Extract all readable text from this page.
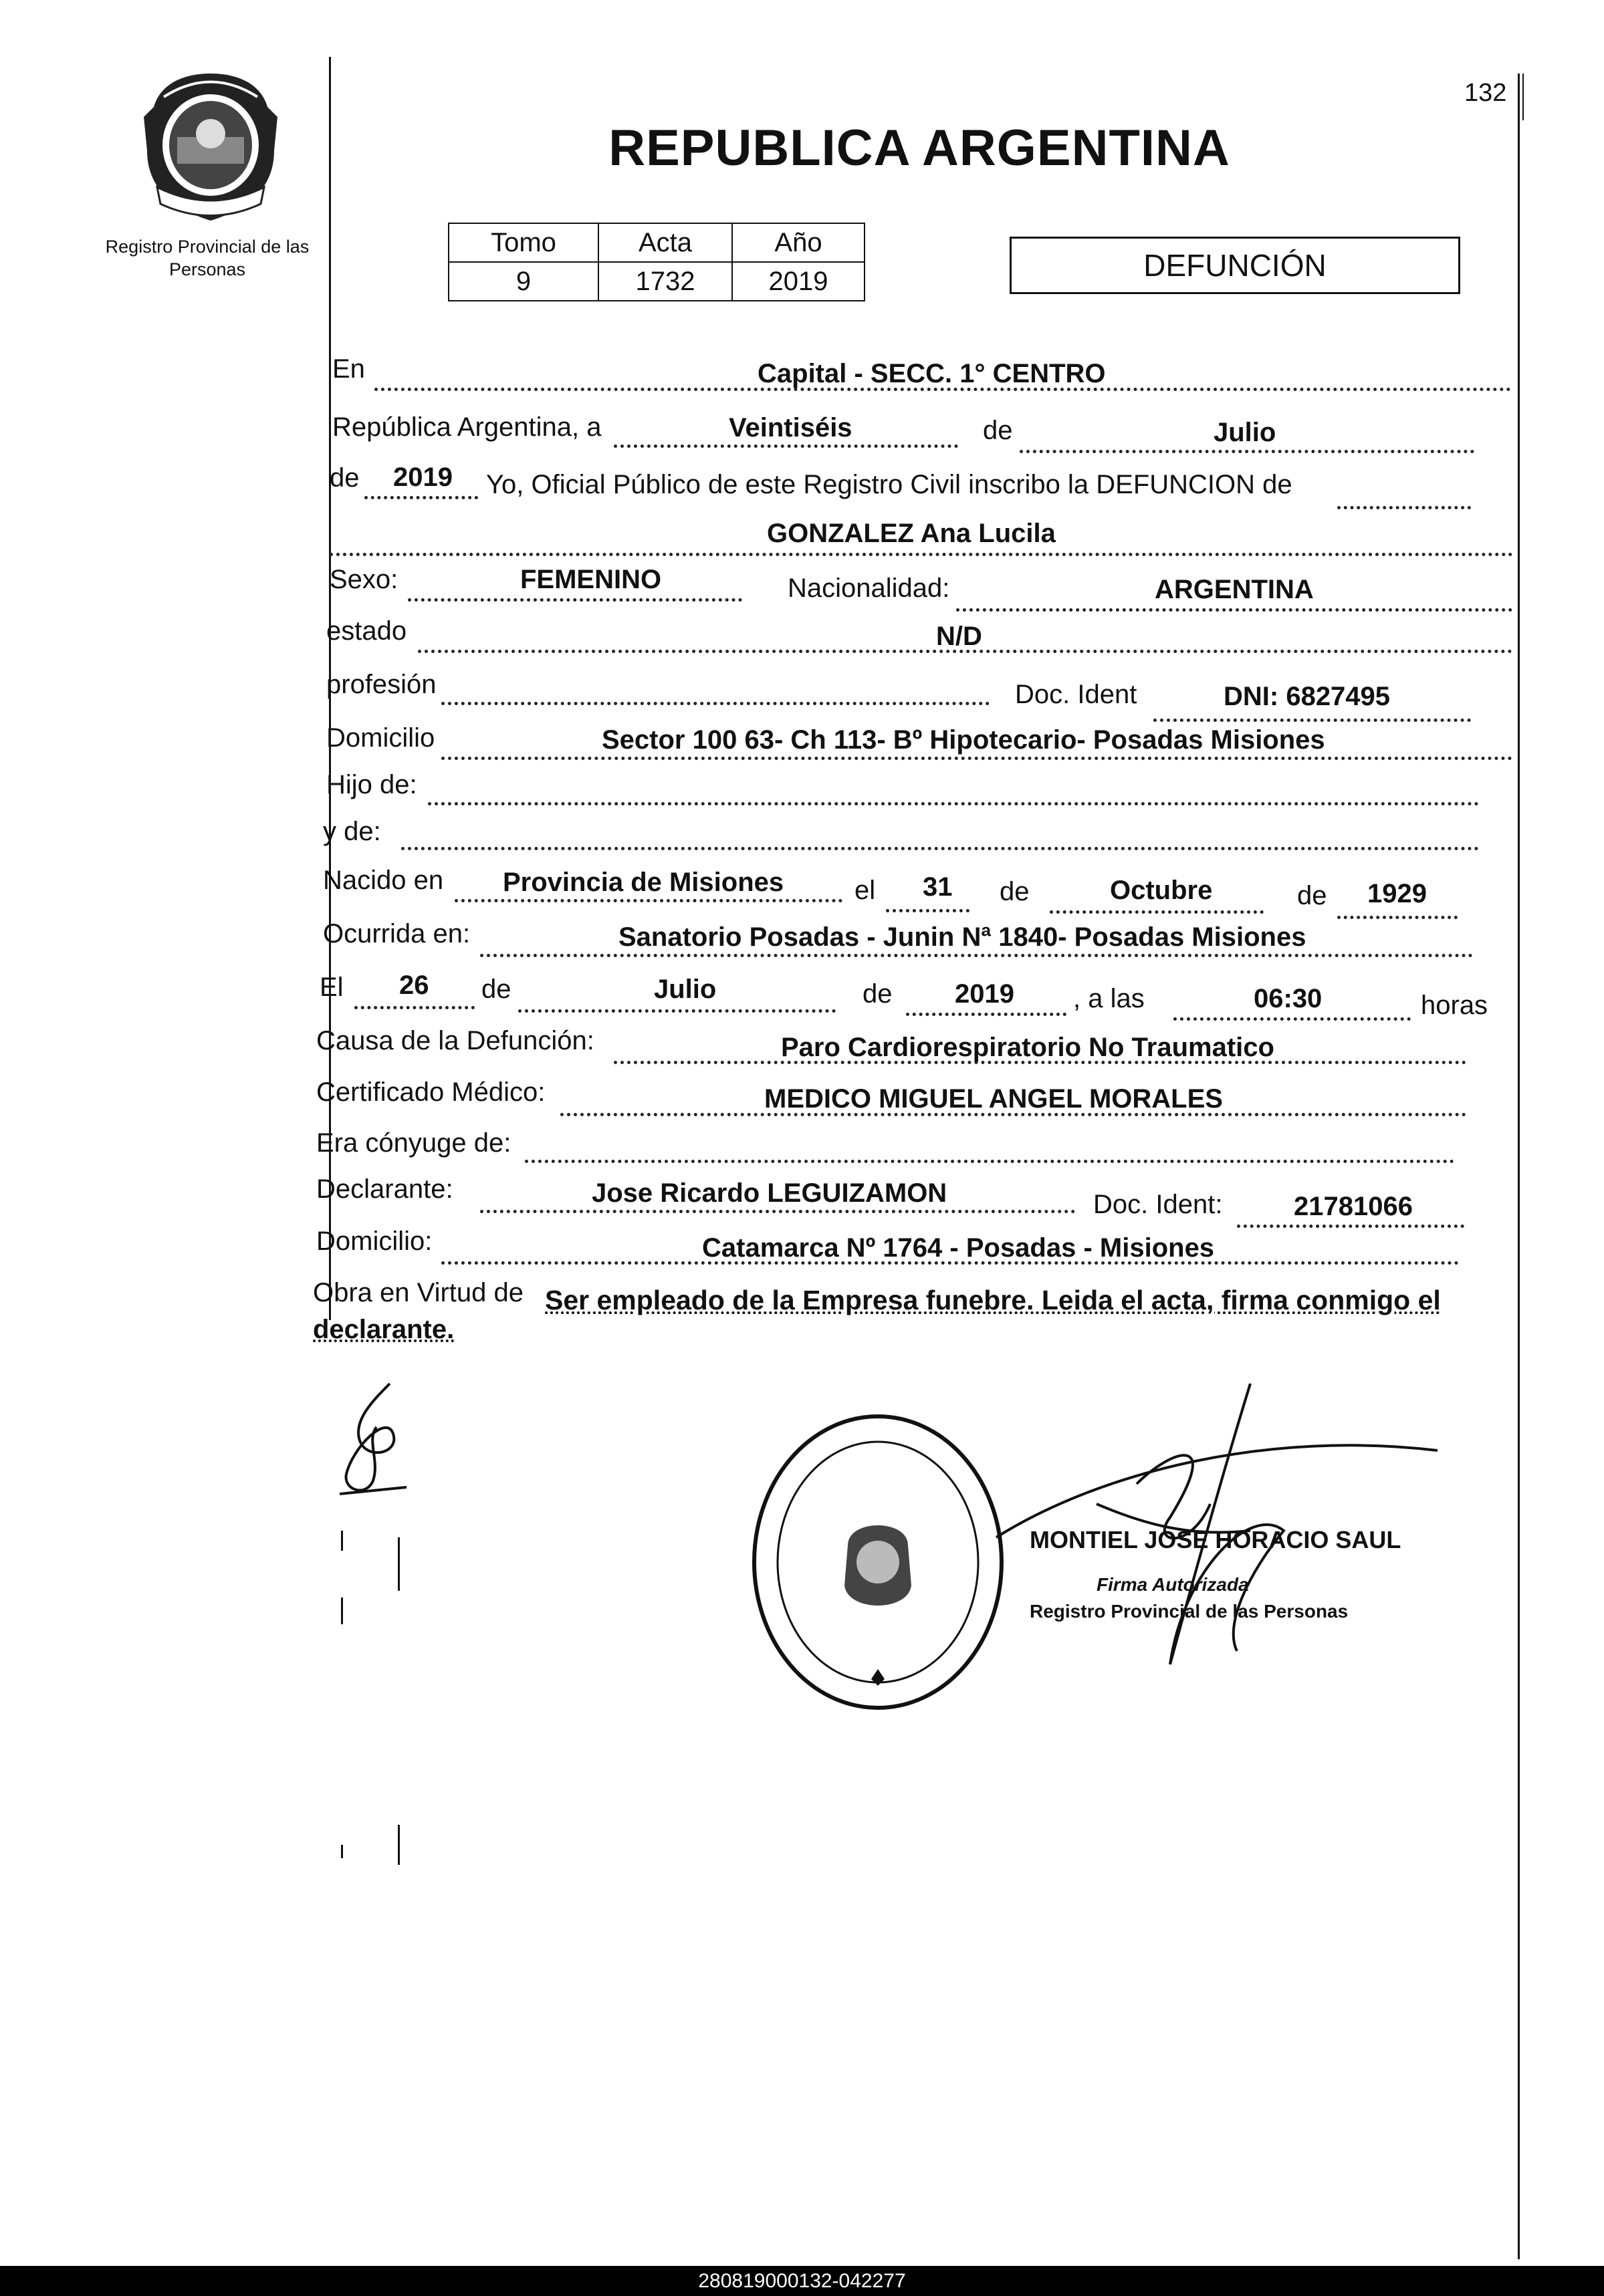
Registro Provincial de las Personas
132
REPUBLICA ARGENTINA
Tomo	Acta	Año
9	1732	2019	DEFUNCIÓN
En	Capital - SECC. 1° CENTRO
República Argentina, a	Veintiséis	de	Julio
de 2019 Yo, Oficial Público de este Registro Civil inscribo la DEFUNCION de
GONZALEZ Ana Lucila
Sexo:	FEMENINO	Nacionalidad:	ARGENTINA
estado	N/D
profesión	Doc. Ident	DNI: 6827495
Domicilio	Sector 100 63- Ch 113- Bº Hipotecario- Posadas Misiones
Hijo de:
y de:
Nacido en Provincia de Misiones	el 31 de	Octubre	de 1929
Ocurrida en:	Sanatorio Posadas - Junin Nª 1840- Posadas Misiones
El 26 de	Julio	de 2019 , a las	06:30	horas
Causa de la Defunción:	Paro Cardiorespiratorio No Traumatico
Certificado Médico:	MEDICO MIGUEL ANGEL MORALES
Era cónyuge de:
Declarante:	Jose Ricardo LEGUIZAMON	Doc. Ident:	21781066
Domicilio:	Catamarca Nº 1764 - Posadas - Misiones
Obra en Virtud de Ser empleado de la Empresa funebre. Leida el acta, firma conmigo el
declarante.
MONTIEL JOSE HORACIO SAUL
Firma Autorizada
Registro Provincial de las Personas
280819000132-042277
